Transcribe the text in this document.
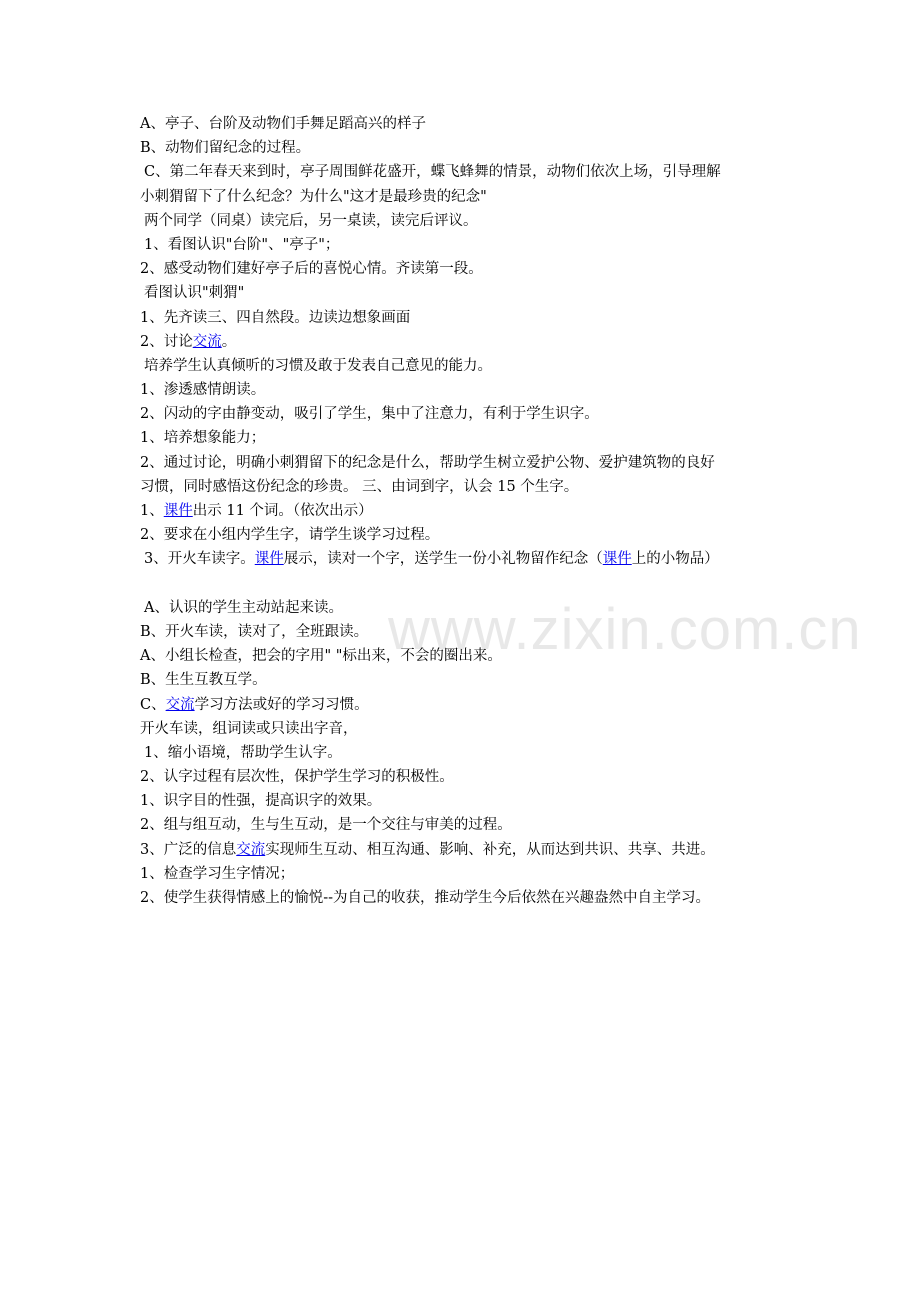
www.zixin.com.cn
A、亭子、台阶及动物们手舞足蹈高兴的样子
B、动物们留纪念的过程。
C、第二年春天来到时，亭子周围鲜花盛开，蝶飞蜂舞的情景，动物们依次上场，引导理解
小刺猬留下了什么纪念？为什么"这才是最珍贵的纪念"
两个同学（同桌）读完后，另一桌读，读完后评议。
1、看图认识"台阶"、"亭子"；
2、感受动物们建好亭子后的喜悦心情。齐读第一段。
看图认识"刺猬"
1、先齐读三、四自然段。边读边想象画面
2、讨论交流。
培养学生认真倾听的习惯及敢于发表自己意见的能力。
1、渗透感情朗读。
2、闪动的字由静变动，吸引了学生，集中了注意力，有利于学生识字。
1、培养想象能力；
2、通过讨论，明确小刺猬留下的纪念是什么，帮助学生树立爱护公物、爱护建筑物的良好
习惯，同时感悟这份纪念的珍贵。 三、由词到字，认会 15 个生字。
1、课件出示 11 个词。（依次出示）
2、要求在小组内学生字，请学生谈学习过程。
3、开火车读字。课件展示，读对一个字，送学生一份小礼物留作纪念（课件上的小物品）
A、认识的学生主动站起来读。
B、开火车读，读对了，全班跟读。
A、小组长检查，把会的字用" "标出来，不会的圈出来。
B、生生互教互学。
C、交流学习方法或好的学习习惯。
开火车读，组词读或只读出字音，
1、缩小语境，帮助学生认字。
2、认字过程有层次性，保护学生学习的积极性。
1、识字目的性强，提高识字的效果。
2、组与组互动，生与生互动，是一个交往与审美的过程。
3、广泛的信息交流实现师生互动、相互沟通、影响、补充，从而达到共识、共享、共进。
1、检查学习生字情况；
2、使学生获得情感上的愉悦--为自己的收获，推动学生今后依然在兴趣盎然中自主学习。
